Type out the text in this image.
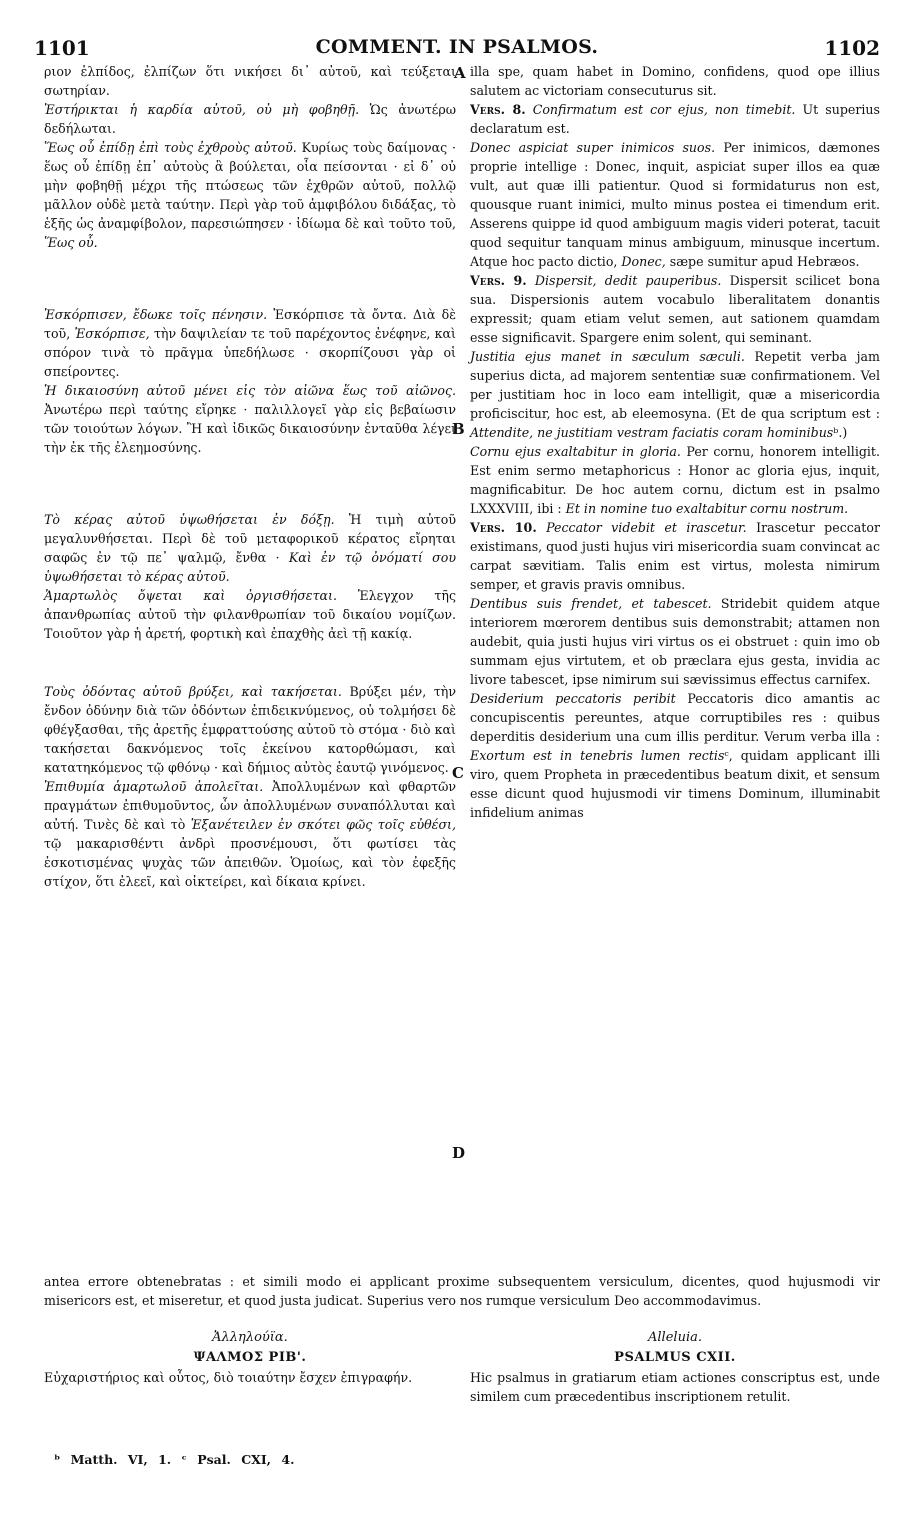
1101	COMMENT. IN PSALMOS.	1102
A
B
C
D

ριον ἐλπίδος, ἐλπίζων ὅτι νικήσει δι᾽ αὐτοῦ, καὶ τεύξεται σωτηρίαν.

Ἐστήρικται ἡ καρδία αὐτοῦ, οὐ μὴ φοβηθῇ. Ὡς ἀνωτέρω δεδήλωται.

Ἕως οὗ ἐπίδῃ ἐπὶ τοὺς ἐχθροὺς αὐτοῦ. Κυρίως τοὺς δαίμονας · ἕως οὗ ἐπίδῃ ἐπ᾽ αὐτοὺς ἃ βούλεται, οἷα πείσονται · εἰ δ᾽ οὐ μὴν φοβηθῇ μέχρι τῆς πτώσεως τῶν ἐχθρῶν αὐτοῦ, πολλῷ μᾶλλον οὐδὲ μετὰ ταύτην. Περὶ γὰρ τοῦ ἀμφιβόλου διδάξας, τὸ ἑξῆς ὡς ἀναμφίβολον, παρεσιώπησεν · ἰδίωμα δὲ καὶ τοῦτο τοῦ, Ἕως οὗ.

Ἐσκόρπισεν, ἔδωκε τοῖς πένησιν. Ἐσκόρπισε τὰ ὄντα. Διὰ δὲ τοῦ, Ἐσκόρπισε, τὴν δαψιλείαν τε τοῦ παρέχοντος ἐνέφηνε, καὶ σπόρον τινὰ τὸ πρᾶγμα ὑπεδήλωσε · σκορπίζουσι γὰρ οἱ σπείροντες.

Ἡ δικαιοσύνη αὐτοῦ μένει εἰς τὸν αἰῶνα ἕως τοῦ αἰῶνος. Ἀνωτέρω περὶ ταύτης εἴρηκε · παλιλλογεῖ γὰρ εἰς βεβαίωσιν τῶν τοιούτων λόγων. Ἢ καὶ ἰδικῶς δικαιοσύνην ἐνταῦθα λέγει τὴν ἐκ τῆς ἐλεημοσύνης.

Τὸ κέρας αὐτοῦ ὑψωθήσεται ἐν δόξῃ. Ἡ τιμὴ αὐτοῦ μεγαλυνθήσεται. Περὶ δὲ τοῦ μεταφορικοῦ κέρατος εἴρηται σαφῶς ἐν τῷ πε᾽ ψαλμῷ, ἔνθα · Καὶ ἐν τῷ ὀνόματί σου ὑψωθήσεται τὸ κέρας αὐτοῦ.

Ἁμαρτωλὸς ὄψεται καὶ ὀργισθήσεται. Ἐλεγχον τῆς ἀπανθρωπίας αὐτοῦ τὴν φιλανθρωπίαν τοῦ δικαίου νομίζων. Τοιοῦτον γὰρ ἡ ἀρετή, φορτικὴ καὶ ἐπαχθὴς ἀεὶ τῇ κακίᾳ.

Τοὺς ὀδόντας αὐτοῦ βρύξει, καὶ τακήσεται. Βρύξει μέν, τὴν ἔνδον ὀδύνην διὰ τῶν ὀδόντων ἐπιδεικνύμενος, οὐ τολμήσει δὲ φθέγξασθαι, τῆς ἀρετῆς ἐμφραττούσης αὐτοῦ τὸ στόμα · διὸ καὶ τακήσεται δακνόμενος τοῖς ἐκείνου κατορθώμασι, καὶ κατατηκόμενος τῷ φθόνῳ · καὶ δήμιος αὐτὸς ἑαυτῷ γινόμενος.

Ἐπιθυμία ἁμαρτωλοῦ ἀπολεῖται. Ἀπολλυμένων καὶ φθαρτῶν πραγμάτων ἐπιθυμοῦντος, ὧν ἀπολλυμένων συναπόλλυται καὶ αὐτή. Τινὲς δὲ καὶ τὸ Ἐξανέτειλεν ἐν σκότει φῶς τοῖς εὐθέσι, τῷ μακαρισθέντι ἀνδρὶ προσνέμουσι, ὅτι φωτίσει τὰς ἐσκοτισμένας ψυχὰς τῶν ἀπειθῶν. Ὁμοίως, καὶ τὸν ἐφεξῆς στίχον, ὅτι ἐλεεῖ, καὶ οἰκτείρει, καὶ δίκαια κρίνει.

illa spe, quam habet in Domino, confidens, quod ope illius salutem ac victoriam consecuturus sit.

Vers. 8. Confirmatum est cor ejus, non timebit. Ut superius declaratum est.

Donec aspiciat super inimicos suos. Per inimicos, dæmones proprie intellige : Donec, inquit, aspiciat super illos ea quæ vult, aut quæ illi patientur. Quod si formidaturus non est, quousque ruant inimici, multo minus postea ei timendum erit. Asserens quippe id quod ambiguum magis videri poterat, tacuit quod sequitur tanquam minus ambiguum, minusque incertum. Atque hoc pacto dictio, Donec, sæpe sumitur apud Hebræos.

Vers. 9. Dispersit, dedit pauperibus. Dispersit scilicet bona sua. Dispersionis autem vocabulo liberalitatem donantis expressit; quam etiam velut semen, aut sationem quamdam esse significavit. Spargere enim solent, qui seminant.

Justitia ejus manet in sæculum sæculi. Repetit verba jam superius dicta, ad majorem sententiæ suæ confirmationem. Vel per justitiam hoc in loco eam intelligit, quæ a misericordia proficiscitur, hoc est, ab eleemosyna. (Et de qua scriptum est : Attendite, ne justitiam vestram faciatis coram hominibusᵇ.)

Cornu ejus exaltabitur in gloria. Per cornu, honorem intelligit. Est enim sermo metaphoricus : Honor ac gloria ejus, inquit, magnificabitur. De hoc autem cornu, dictum est in psalmo LXXXVIII, ibi : Et in nomine tuo exaltabitur cornu nostrum.

Vers. 10. Peccator videbit et irascetur. Irascetur peccator existimans, quod justi hujus viri misericordia suam convincat ac carpat sævitiam. Talis enim est virtus, molesta nimirum semper, et gravis pravis omnibus.

Dentibus suis frendet, et tabescet. Stridebit quidem atque interiorem mœrorem dentibus suis demonstrabit; attamen non audebit, quia justi hujus viri virtus os ei obstruet : quin imo ob summam ejus virtutem, et ob præclara ejus gesta, invidia ac livore tabescet, ipse nimirum sui sævissimus effectus carnifex.

Desiderium peccatoris peribit Peccatoris dico amantis ac concupiscentis pereuntes, atque corruptibiles res : quibus deperditis desiderium una cum illis perditur. Verum verba illa : Exortum est in tenebris lumen rectisᶜ, quidam applicant illi viro, quem Propheta in præcedentibus beatum dixit, et sensum esse dicunt quod hujusmodi vir timens Dominum, illuminabit infidelium animas

antea errore obtenebratas : et simili modo ei applicant proxime subsequentem versiculum, dicentes, quod hujusmodi vir misericors est, et miseretur, et quod justa judicat. Superius vero nos rumque versiculum Deo accommodavimus.
Ἀλληλούϊα.
ΨΑΛΜΟΣ ΡΙΒ'.

Εὐχαριστήριος καὶ οὗτος, διὸ τοιαύτην ἔσχεν ἐπιγραφήν.

Alleluia.
PSALMUS CXII.

Hic psalmus in gratiarum etiam actiones conscriptus est, unde similem cum præcedentibus inscriptionem retulit.

ᵇ Matth. VI, 1. ᶜ Psal. CXI, 4.
